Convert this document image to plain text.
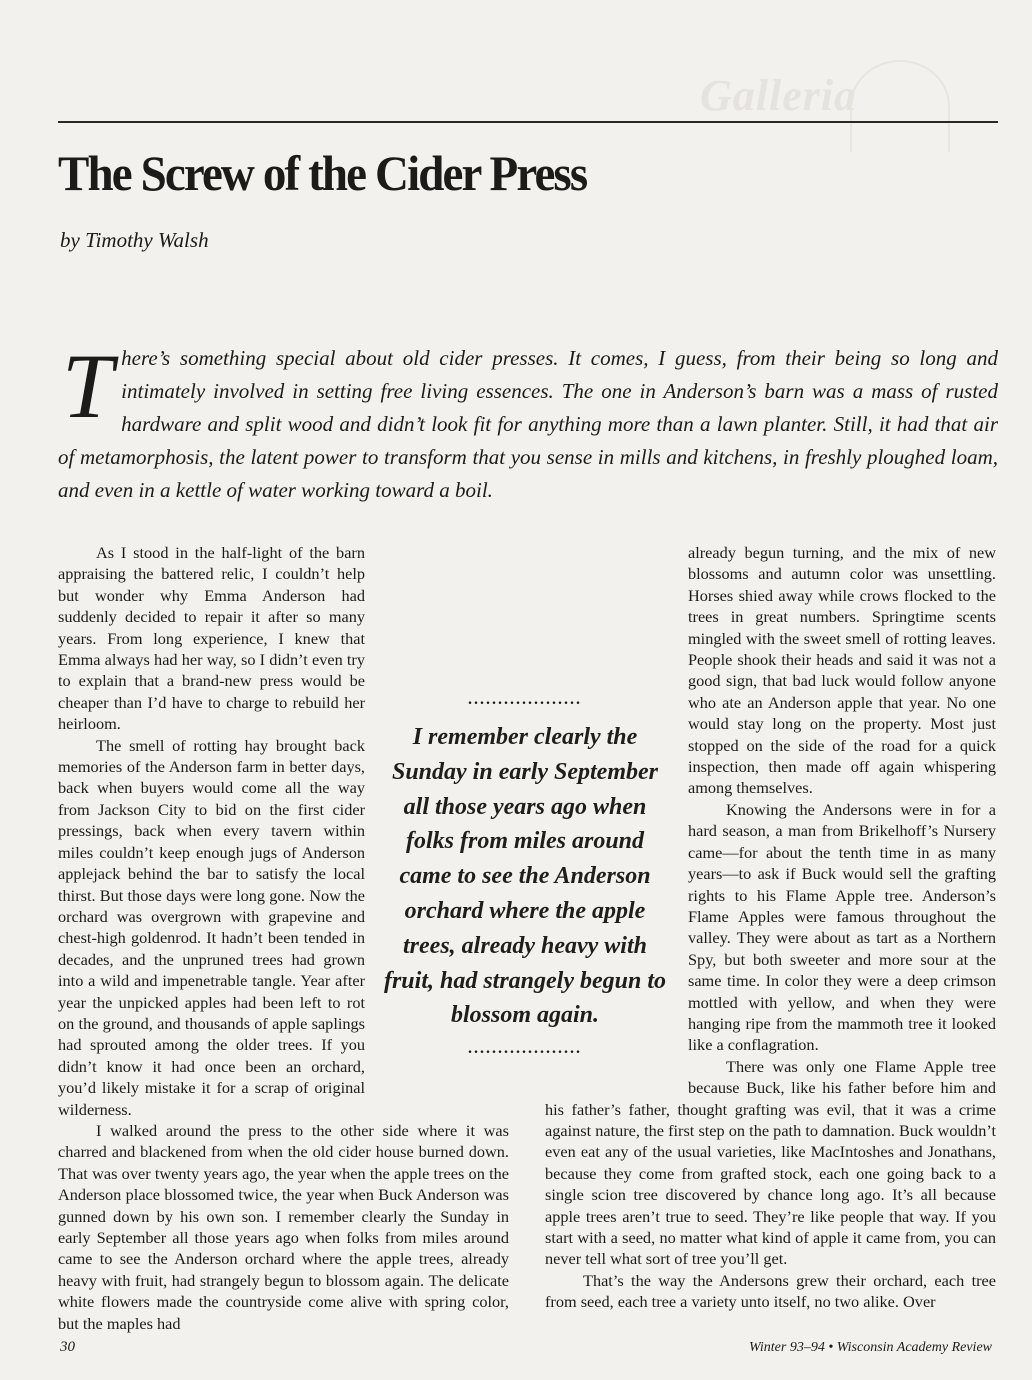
Galleria
The Screw of the Cider Press
by Timothy Walsh

There’s something special about old cider presses. It comes, I guess, from their being so long and intimately involved in setting free living essences. The one in Anderson’s barn was a mass of rusted hardware and split wood and didn’t look fit for anything more than a lawn planter. Still, it had that air of metamorphosis, the latent power to transform that you sense in mills and kitchens, in freshly ploughed loam, and even in a kettle of water working toward a boil.

As I stood in the half-light of the barn appraising the battered relic, I couldn’t help but wonder why Emma Anderson had suddenly decided to repair it after so many years. From long experience, I knew that Emma always had her way, so I didn’t even try to explain that a brand-new press would be cheaper than I’d have to charge to rebuild her heirloom.

The smell of rotting hay brought back memories of the Anderson farm in better days, back when buyers would come all the way from Jackson City to bid on the first cider pressings, back when every tavern within miles couldn’t keep enough jugs of Anderson applejack behind the bar to satisfy the local thirst. But those days were long gone. Now the orchard was overgrown with grapevine and chest-high goldenrod. It hadn’t been tended in decades, and the unpruned trees had grown into a wild and impenetrable tangle. Year after year the unpicked apples had been left to rot on the ground, and thousands of apple saplings had sprouted among the older trees. If you didn’t know it had once been an orchard, you’d likely mistake it for a scrap of original wilderness.

I walked around the press to the other side where it was charred and blackened from when the old cider house burned down. That was over twenty years ago, the year when the apple trees on the Anderson place blossomed twice, the year when Buck Anderson was gunned down by his own son. I remember clearly the Sunday in early September all those years ago when folks from miles around came to see the Anderson orchard where the apple trees, already heavy with fruit, had strangely begun to blossom again. The delicate white flowers made the countryside come alive with spring color, but the maples had

already begun turning, and the mix of new blossoms and autumn color was unsettling. Horses shied away while crows flocked to the trees in great numbers. Springtime scents mingled with the sweet smell of rotting leaves. People shook their heads and said it was not a good sign, that bad luck would follow anyone who ate an Anderson apple that year. No one would stay long on the property. Most just stopped on the side of the road for a quick inspection, then made off again whispering among themselves.

Knowing the Andersons were in for a hard season, a man from Brikelhoff’s Nursery came—for about the tenth time in as many years—to ask if Buck would sell the grafting rights to his Flame Apple tree. Anderson’s Flame Apples were famous throughout the valley. They were about as tart as a Northern Spy, but both sweeter and more sour at the same time. In color they were a deep crimson mottled with yellow, and when they were hanging ripe from the mammoth tree it looked like a conflagration.

There was only one Flame Apple tree because Buck, like his father before him and his father’s father, thought grafting was evil, that it was a crime against nature, the first step on the path to damnation. Buck wouldn’t even eat any of the usual varieties, like MacIntoshes and Jonathans, because they come from grafted stock, each one going back to a single scion tree discovered by chance long ago. It’s all because apple trees aren’t true to seed. They’re like people that way. If you start with a seed, no matter what kind of apple it came from, you can never tell what sort of tree you’ll get.

That’s the way the Andersons grew their orchard, each tree from seed, each tree a variety unto itself, no two alike. Over

...................
I remember clearly the Sunday in early September all those years ago when folks from miles around came to see the Anderson orchard where the apple trees, already heavy with fruit, had strangely begun to blossom again.
...................
30	Winter 93–94 • Wisconsin Academy Review
